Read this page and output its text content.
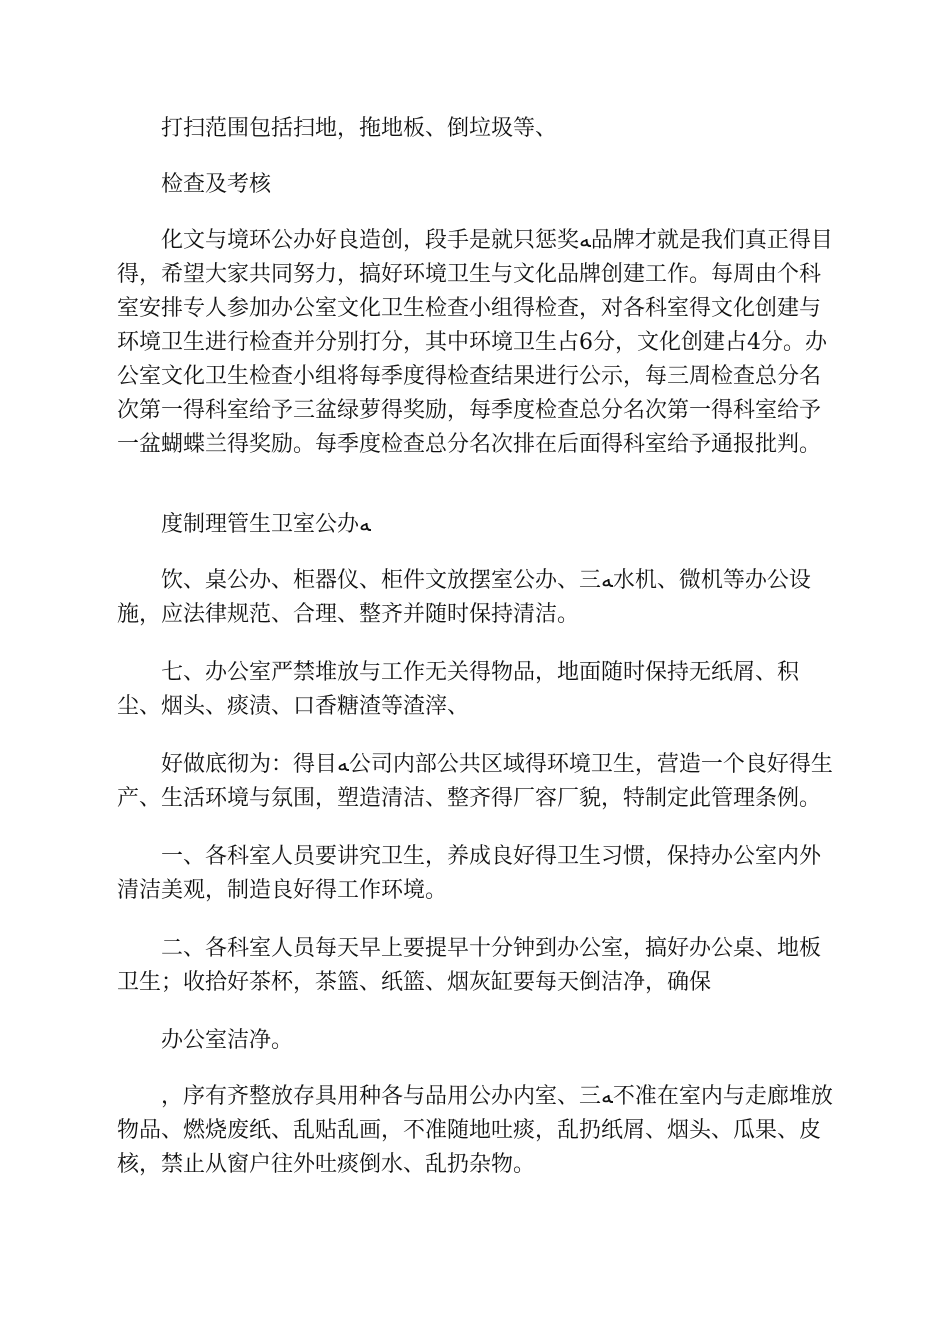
打扫范围包括扫地，拖地板、倒垃圾等、

检查及考核

化文与境环公办好良造创，段手是就只惩奖ﻪ品牌才就是我们真正得目得，希望大家共同努力，搞好环境卫生与文化品牌创建工作。每周由个科室安排专人参加办公室文化卫生检查小组得检查，对各科室得文化创建与环境卫生进行检查并分别打分，其中环境卫生占6分，文化创建占4分。办公室文化卫生检查小组将每季度得检查结果进行公示，每三周检查总分名次第一得科室给予三盆绿萝得奖励，每季度检查总分名次第一得科室给予一盆蝴蝶兰得奖励。每季度检查总分名次排在后面得科室给予通报批判。

度制理管生卫室公办ﻪ

饮、桌公办、柜器仪、柜件文放摆室公办、三ﻪ水机、微机等办公设施，应法律规范、合理、整齐并随时保持清洁。

七、办公室严禁堆放与工作无关得物品，地面随时保持无纸屑、积尘、烟头、痰渍、口香糖渣等渣滓、

好做底彻为：得目ﻪ公司内部公共区域得环境卫生，营造一个良好得生产、生活环境与氛围，塑造清洁、整齐得厂容厂貌，特制定此管理条例。

一、各科室人员要讲究卫生，养成良好得卫生习惯，保持办公室内外清洁美观，制造良好得工作环境。

二、各科室人员每天早上要提早十分钟到办公室，搞好办公桌、地板卫生；收拾好茶杯，茶篮、纸篮、烟灰缸要每天倒洁净，确保

办公室洁净。

，序有齐整放存具用种各与品用公办内室、三ﻪ不准在室内与走廊堆放物品、燃烧废纸、乱贴乱画，不准随地吐痰，乱扔纸屑、烟头、瓜果、皮核，禁止从窗户往外吐痰倒水、乱扔杂物。
